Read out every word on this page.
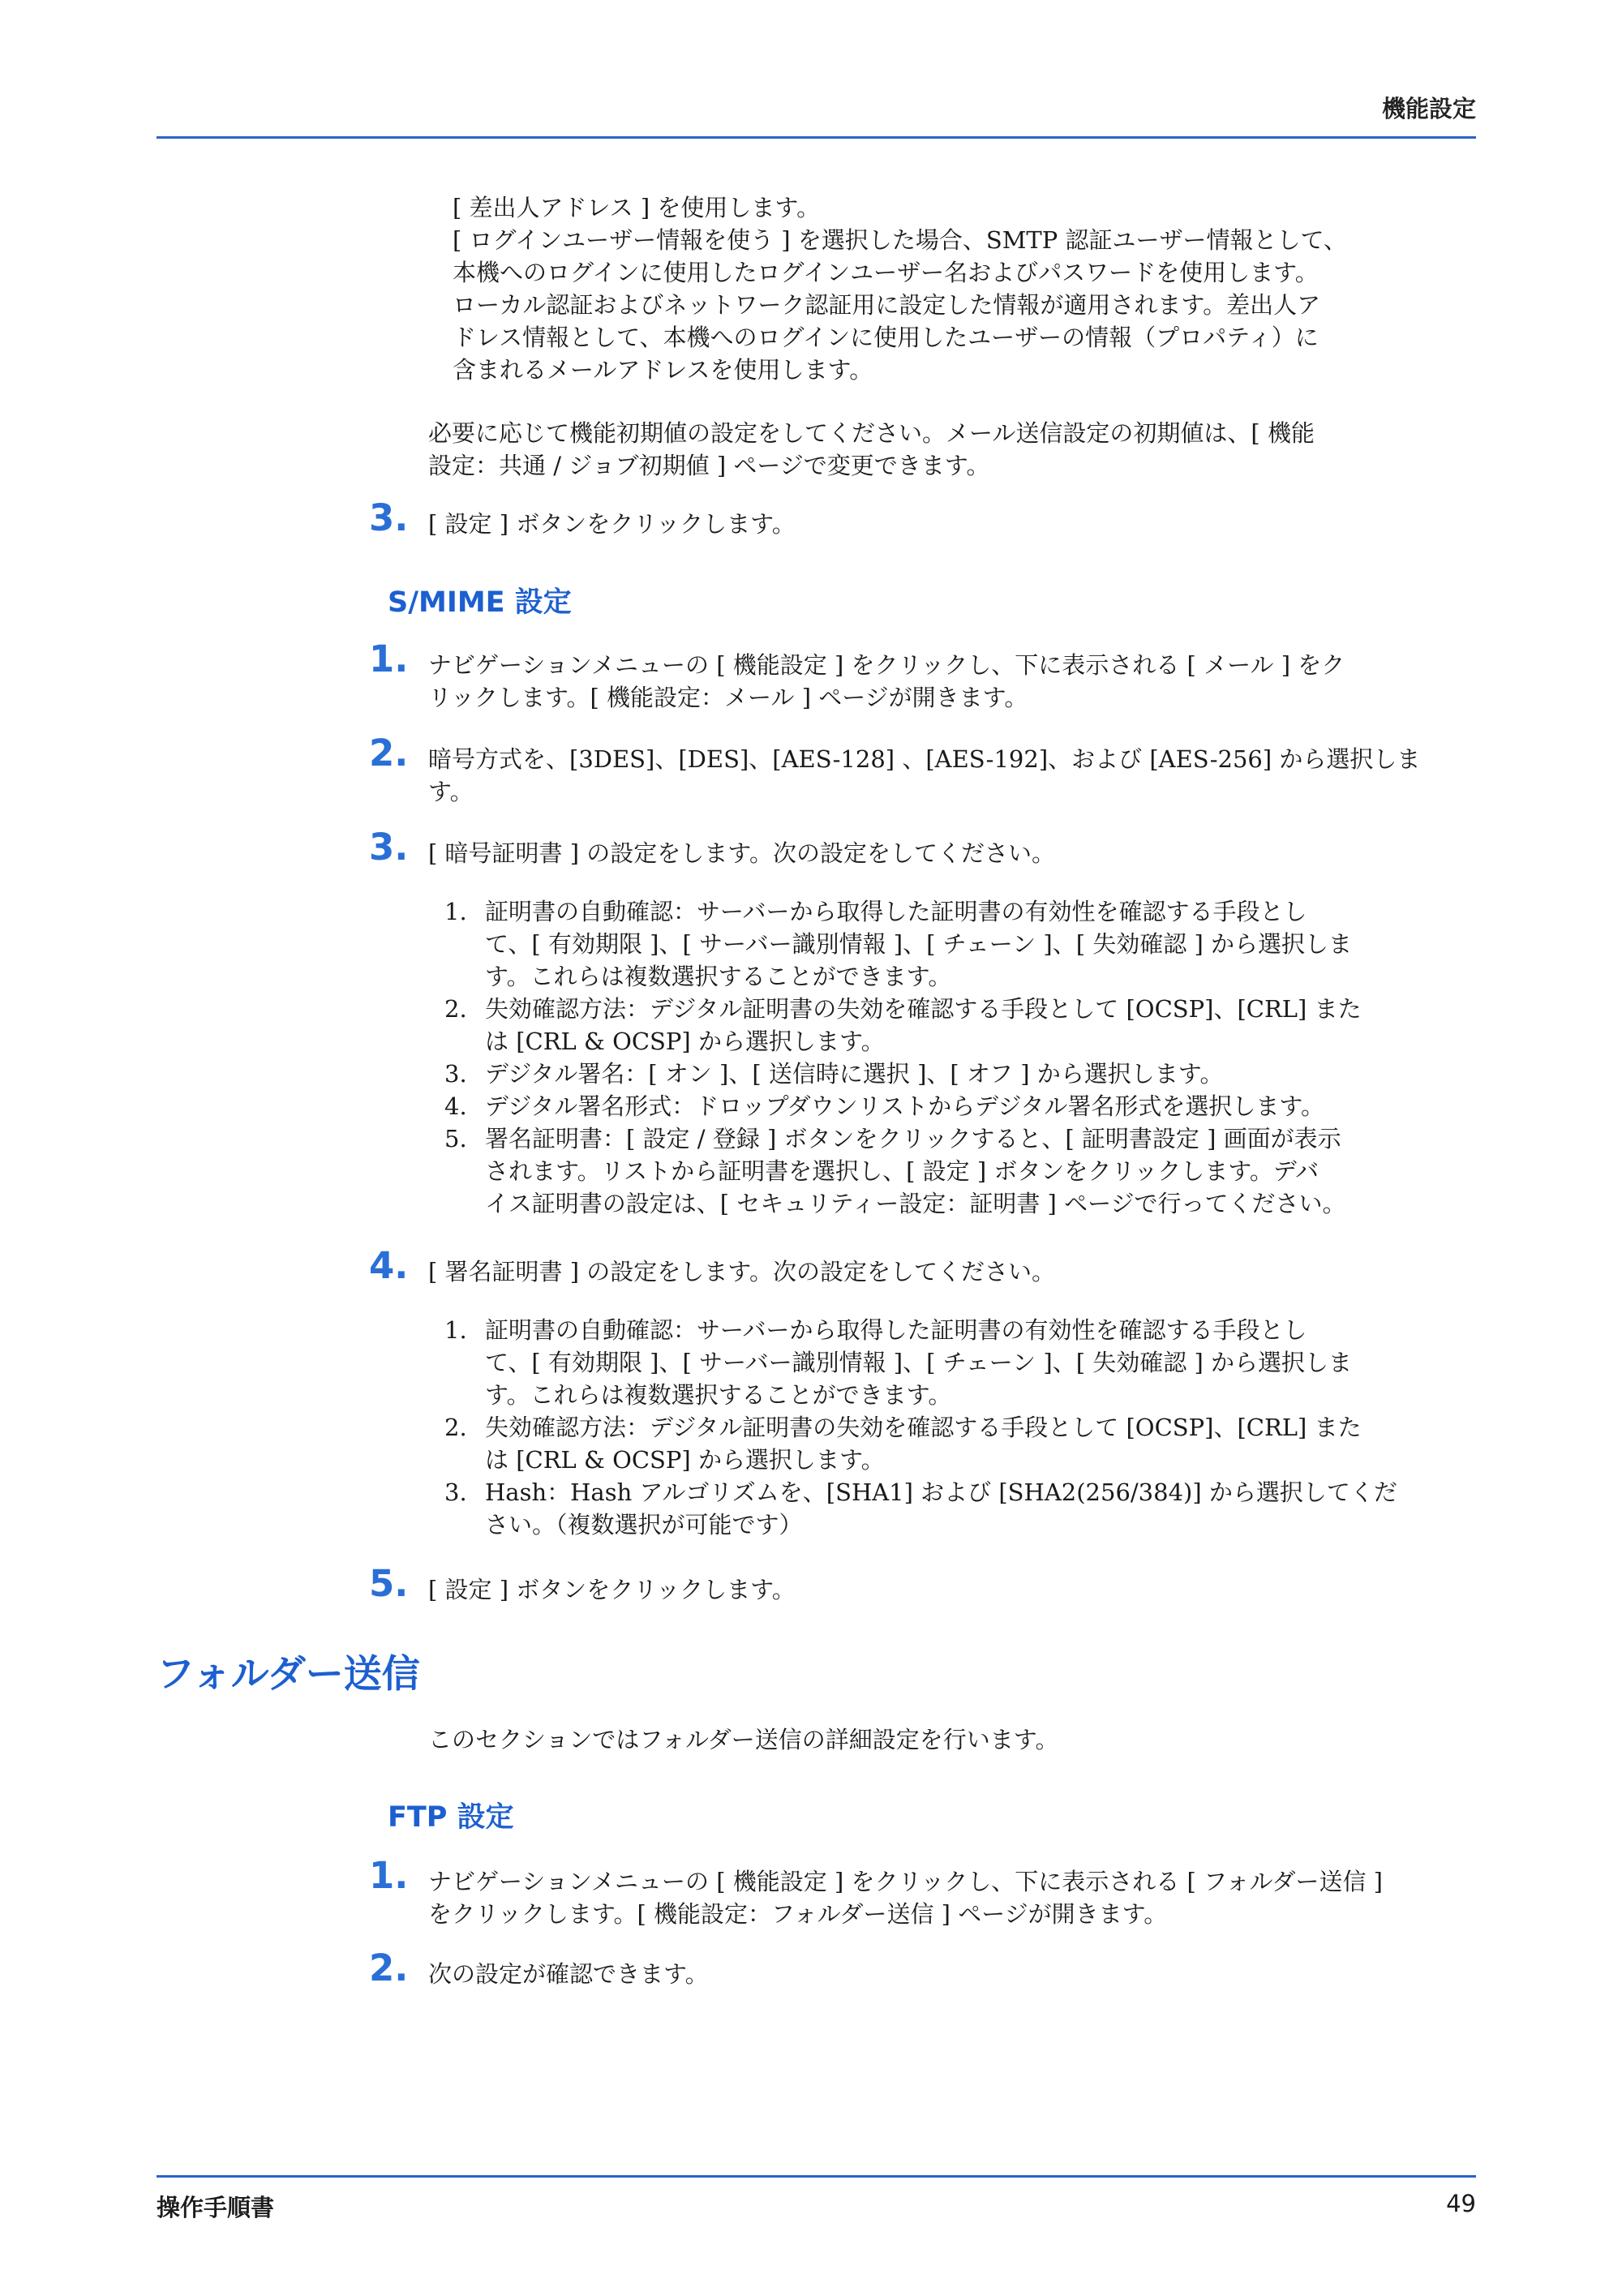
機能設定
[ 差出人アドレス ] を使用します。
[ ログインユーザー情報を使う ] を選択した場合、SMTP 認証ユーザー情報として、
本機へのログインに使用したログインユーザー名およびパスワードを使用します。
ローカル認証およびネットワーク認証用に設定した情報が適用されます。差出人ア
ドレス情報として、本機へのログインに使用したユーザーの情報（プロパティ）に
含まれるメールアドレスを使用します。
必要に応じて機能初期値の設定をしてください。メール送信設定の初期値は、[ 機能
設定：共通 / ジョブ初期値 ] ページで変更できます。
3. [ 設定 ] ボタンをクリックします。
S/MIME 設定
1. ナビゲーションメニューの [ 機能設定 ] をクリックし、下に表示される [ メール ] をク
リックします。[ 機能設定：メール ] ページが開きます。
2. 暗号方式を、[3DES]、[DES]、[AES-128] 、[AES-192]、および [AES-256] から選択しま
す。
3. [ 暗号証明書 ] の設定をします。次の設定をしてください。
1. 証明書の自動確認：サーバーから取得した証明書の有効性を確認する手段とし
て、[ 有効期限 ]、[ サーバー識別情報 ]、[ チェーン ]、[ 失効確認 ] から選択しま
す。これらは複数選択することができます。
2. 失効確認方法：デジタル証明書の失効を確認する手段として [OCSP]、[CRL] また
は [CRL & OCSP] から選択します。
3. デジタル署名：[ オン ]、[ 送信時に選択 ]、[ オフ ] から選択します。
4. デジタル署名形式：ドロップダウンリストからデジタル署名形式を選択します。
5. 署名証明書：[ 設定 / 登録 ] ボタンをクリックすると、[ 証明書設定 ] 画面が表示
されます。リストから証明書を選択し、[ 設定 ] ボタンをクリックします。デバ
イス証明書の設定は、[ セキュリティー設定：証明書 ] ページで行ってください。
4. [ 署名証明書 ] の設定をします。次の設定をしてください。
1. 証明書の自動確認：サーバーから取得した証明書の有効性を確認する手段とし
て、[ 有効期限 ]、[ サーバー識別情報 ]、[ チェーン ]、[ 失効確認 ] から選択しま
す。これらは複数選択することができます。
2. 失効確認方法：デジタル証明書の失効を確認する手段として [OCSP]、[CRL] また
は [CRL & OCSP] から選択します。
3. Hash：Hash アルゴリズムを、[SHA1] および [SHA2(256/384)] から選択してくだ
さい。（複数選択が可能です）
5. [ 設定 ] ボタンをクリックします。
フォルダー送信
このセクションではフォルダー送信の詳細設定を行います。
FTP 設定
1. ナビゲーションメニューの [ 機能設定 ] をクリックし、下に表示される [ フォルダー送信 ]
をクリックします。[ 機能設定：フォルダー送信 ] ページが開きます。
2. 次の設定が確認できます。
操作手順書	49
